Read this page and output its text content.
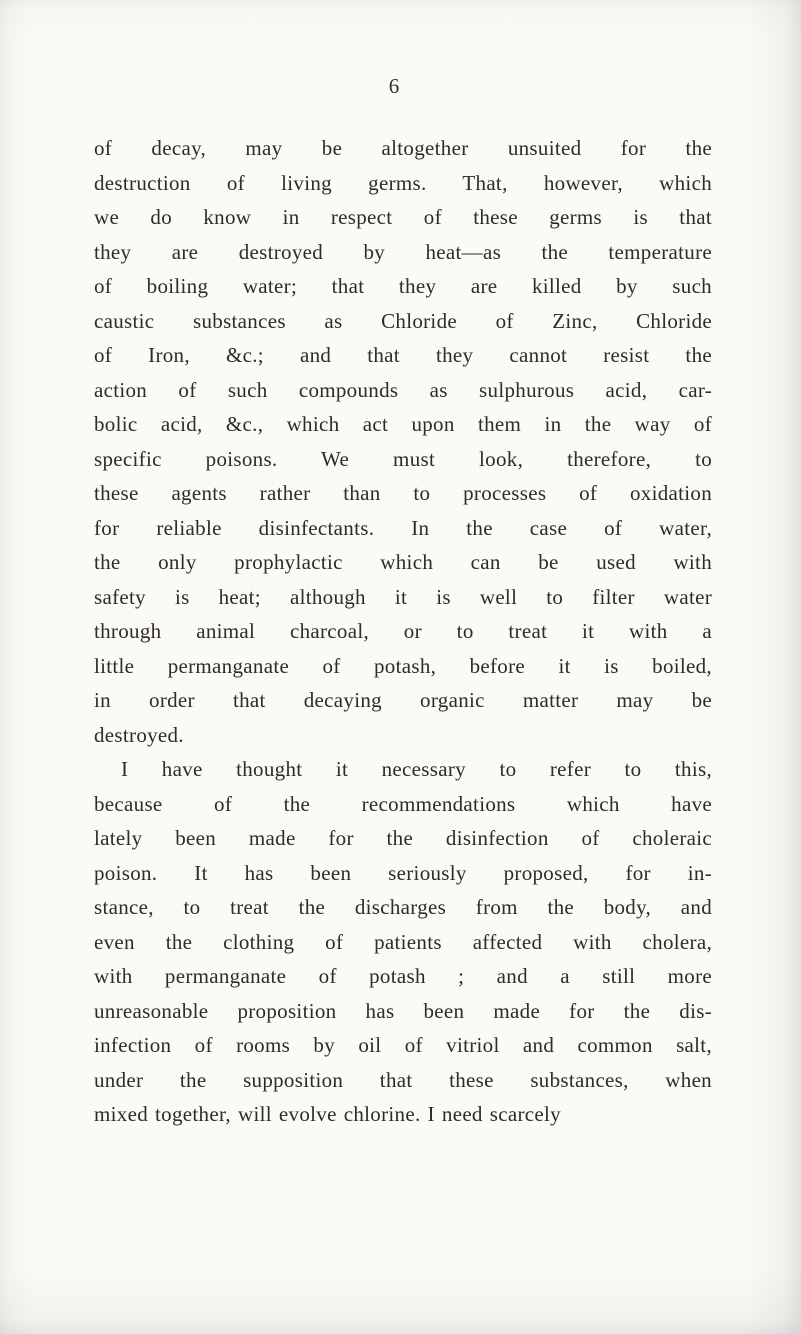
6

of decay, may be altogether unsuited for the
destruction of living germs. That, however, which
we do know in respect of these germs is that
they are destroyed by heat—as the temperature
of boiling water; that they are killed by such
caustic substances as Chloride of Zinc, Chloride
of Iron, &c.; and that they cannot resist the
action of such compounds as sulphurous acid, car-
bolic acid, &c., which act upon them in the way of
specific poisons. We must look, therefore, to
these agents rather than to processes of oxidation
for reliable disinfectants. In the case of water,
the only prophylactic which can be used with
safety is heat; although it is well to filter water
through animal charcoal, or to treat it with a
little permanganate of potash, before it is boiled,
in order that decaying organic matter may be
destroyed.

I have thought it necessary to refer to this,
because of the recommendations which have
lately been made for the disinfection of choleraic
poison. It has been seriously proposed, for in-
stance, to treat the discharges from the body, and
even the clothing of patients affected with cholera,
with permanganate of potash ; and a still more
unreasonable proposition has been made for the dis-
infection of rooms by oil of vitriol and common salt,
under the supposition that these substances, when
mixed together, will evolve chlorine. I need scarcely
